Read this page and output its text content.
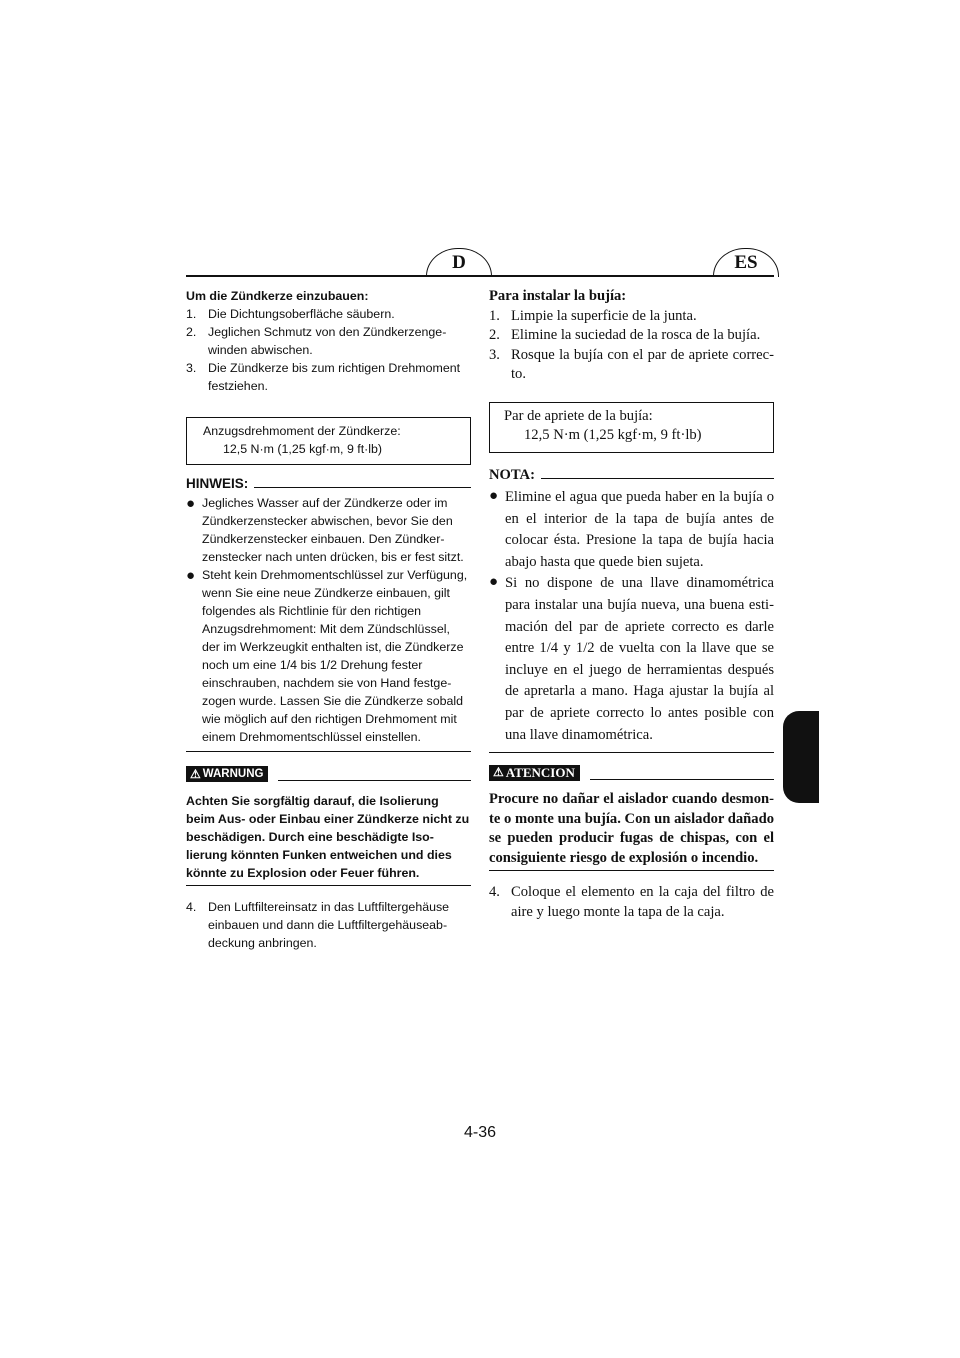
D	ES
Um die Zündkerze einzubauen:
1. Die Dichtungsoberfläche säubern.
2. Jeglichen Schmutz von den Zündkerzengewinden abwischen.
3. Die Zündkerze bis zum richtigen Drehmoment festziehen.
Anzugsdrehmoment der Zündkerze:
12,5 N·m (1,25 kgf·m, 9 ft·lb)
HINWEIS:
● Jegliches Wasser auf der Zündkerze oder im Zündkerzenstecker abwischen, bevor Sie den Zündkerzenstecker einbauen. Den Zündkerzenstecker nach unten drücken, bis er fest sitzt.
● Steht kein Drehmomentschlüssel zur Verfügung, wenn Sie eine neue Zündkerze einbauen, gilt folgendes als Richtlinie für den richtigen Anzugsdrehmoment: Mit dem Zündschlüssel, der im Werkzeugkit enthalten ist, die Zündkerze noch um eine 1/4 bis 1/2 Drehung fester einschrauben, nachdem sie von Hand festgezogen wurde. Lassen Sie die Zündkerze sobald wie möglich auf den richtigen Drehmoment mit einem Drehmomentschlüssel einstellen.
⚠ WARNUNG
Achten Sie sorgfältig darauf, die Isolierung beim Aus- oder Einbau einer Zündkerze nicht zu beschädigen. Durch eine beschädigte Isolierung könnten Funken entweichen und dies könnte zu Explosion oder Feuer führen.
4. Den Luftfiltereinsatz in das Luftfiltergehäuse einbauen und dann die Luftfiltergehäuseabdeckung anbringen.
Para instalar la bujía:
1. Limpie la superficie de la junta.
2. Elimine la suciedad de la rosca de la bujía.
3. Rosque la bujía con el par de apriete correcto.
Par de apriete de la bujía:
12,5 N·m (1,25 kgf·m, 9 ft·lb)
NOTA:
● Elimine el agua que pueda haber en la bujía o en el interior de la tapa de bujía antes de colocar ésta. Presione la tapa de bujía hacia abajo hasta que quede bien sujeta.
● Si no dispone de una llave dinamométrica para instalar una bujía nueva, una buena estimación del par de apriete correcto es darle entre 1/4 y 1/2 de vuelta con la llave que se incluye en el juego de herramientas después de apretarla a mano. Haga ajustar la bujía al par de apriete correcto lo antes posible con una llave dinamométrica.
⚠ ATENCION
Procure no dañar el aislador cuando desmonte o monte una bujía. Con un aislador dañado se pueden producir fugas de chispas, con el consiguiente riesgo de explosión o incendio.
4. Coloque el elemento en la caja del filtro de aire y luego monte la tapa de la caja.
4-36
